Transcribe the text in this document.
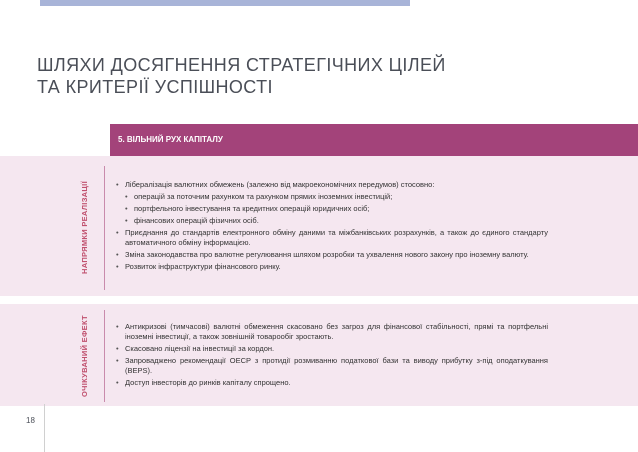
ШЛЯХИ ДОСЯГНЕННЯ СТРАТЕГІЧНИХ ЦІЛЕЙ
ТА КРИТЕРІЇ УСПІШНОСТІ
5. ВІЛЬНИЙ РУХ КАПІТАЛУ
НАПРЯМКИ РЕАЛІЗАЦІЇ	• Лібералізація валютних обмежень (залежно від макроекономічних передумов) стосовно:
• операцій за поточним рахунком та рахунком прямих іноземних інвестицій;
• портфельного інвестування та кредитних операцій юридичних осіб;
• фінансових операцій фізичних осіб.
• Приєднання до стандартів електронного обміну даними та міжбанківських розрахунків, а також до єдиного стандарту автоматичного обміну інформацією.
• Зміна законодавства про валютне регулювання шляхом розробки та ухвалення нового закону про іноземну валюту.
• Розвиток інфраструктури фінансового ринку.
ОЧІКУВАНИЙ ЕФЕКТ	• Антикризові (тимчасові) валютні обмеження скасовано без загроз для фінансової стабільності, прямі та портфельні іноземні інвестиції, а також зовнішній товарообіг зростають.
• Скасовано ліцензії на інвестиції за кордон.
• Запроваджено рекомендації ОЕСР з протидії розмиванню податкової бази та виводу прибутку з-під оподаткування (BEPS).
• Доступ інвесторів до ринків капіталу спрощено.
18
